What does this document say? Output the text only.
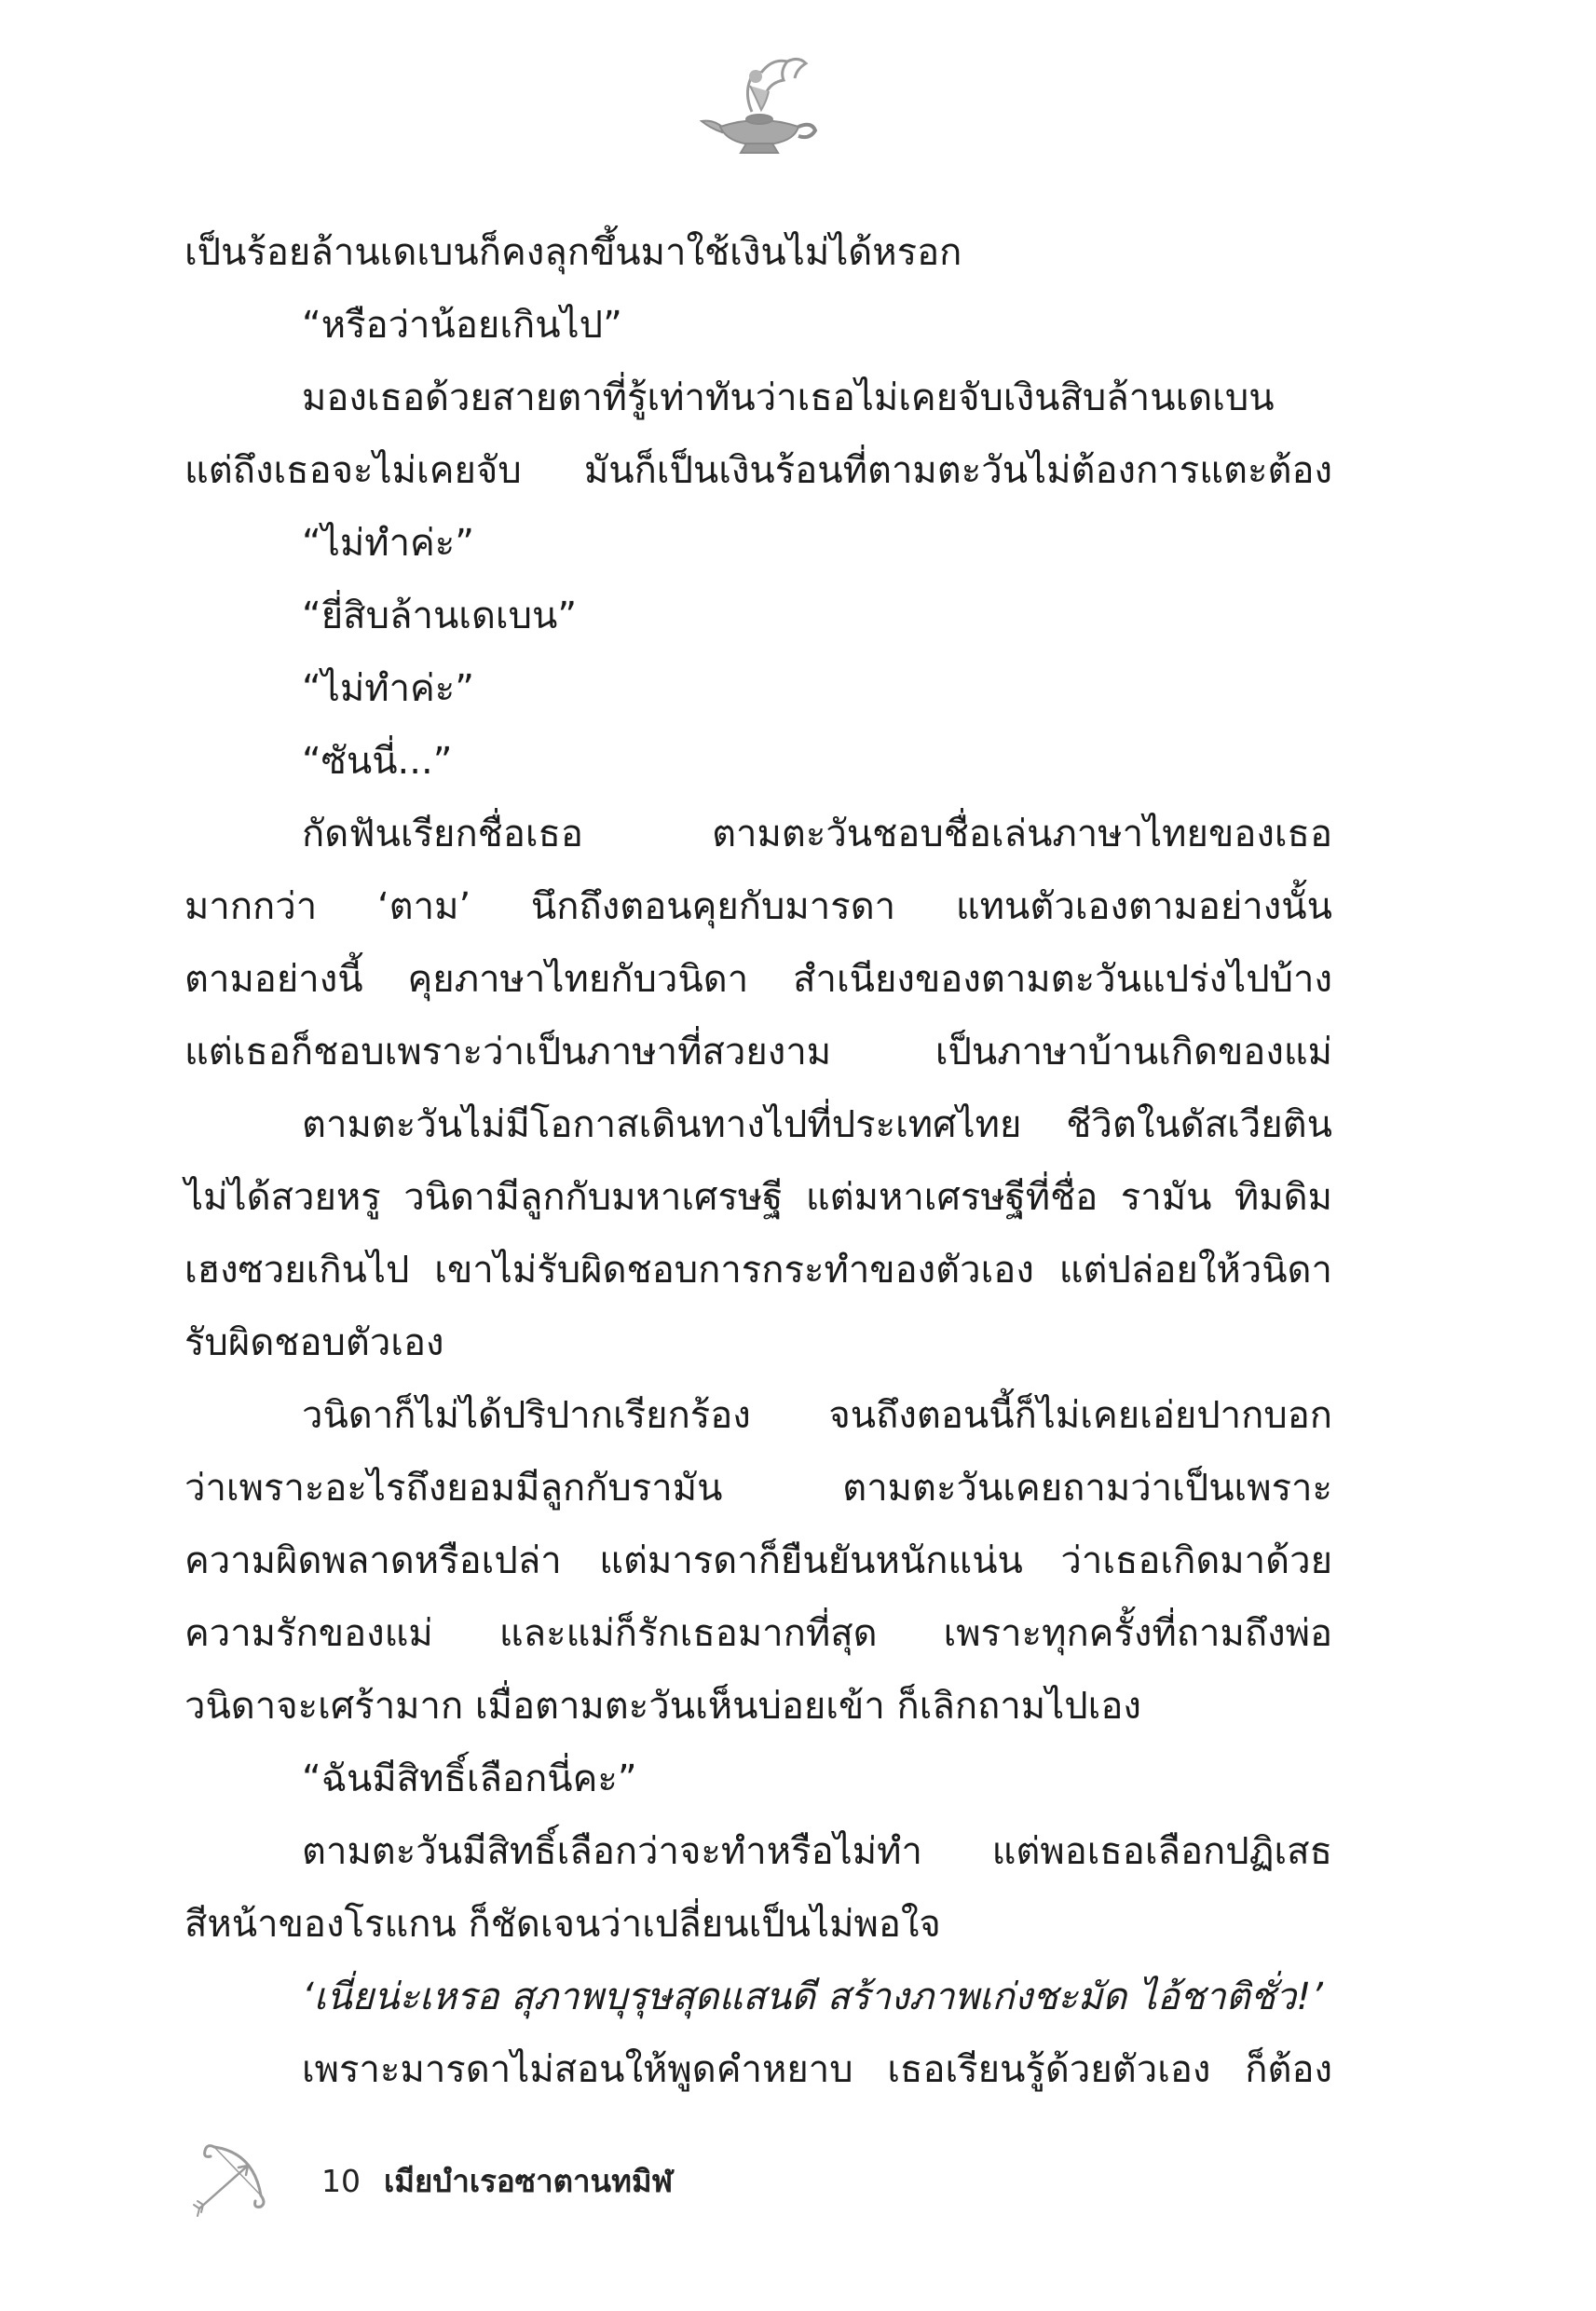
เป็นร้อยล้านเดเบนก็คงลุกขึ้นมาใช้เงินไม่ได้หรอก
“หรือว่าน้อยเกินไป”
มองเธอด้วยสายตาที่รู้เท่าทันว่าเธอไม่เคยจับเงินสิบล้านเดเบน
แต่ถึงเธอจะไม่เคยจับ มันก็เป็นเงินร้อนที่ตามตะวันไม่ต้องการแตะต้อง
“ไม่ทำค่ะ”
“ยี่สิบล้านเดเบน”
“ไม่ทำค่ะ”
“ซันนี่...”
กัดฟันเรียกชื่อเธอ ตามตะวันชอบชื่อเล่นภาษาไทยของเธอ
มากกว่า ‘ตาม’ นึกถึงตอนคุยกับมารดา แทนตัวเองตามอย่างนั้น
ตามอย่างนี้ คุยภาษาไทยกับวนิดา สำเนียงของตามตะวันแปร่งไปบ้าง
แต่เธอก็ชอบเพราะว่าเป็นภาษาที่สวยงาม เป็นภาษาบ้านเกิดของแม่
ตามตะวันไม่มีโอกาสเดินทางไปที่ประเทศไทย ชีวิตในดัสเวียติน
ไม่ได้สวยหรู วนิดามีลูกกับมหาเศรษฐี แต่มหาเศรษฐีที่ชื่อ รามัน ทิมดิม
เฮงซวยเกินไป เขาไม่รับผิดชอบการกระทำของตัวเอง แต่ปล่อยให้วนิดา
รับผิดชอบตัวเอง
วนิดาก็ไม่ได้ปริปากเรียกร้อง จนถึงตอนนี้ก็ไม่เคยเอ่ยปากบอก
ว่าเพราะอะไรถึงยอมมีลูกกับรามัน ตามตะวันเคยถามว่าเป็นเพราะ
ความผิดพลาดหรือเปล่า แต่มารดาก็ยืนยันหนักแน่น ว่าเธอเกิดมาด้วย
ความรักของแม่ และแม่ก็รักเธอมากที่สุด เพราะทุกครั้งที่ถามถึงพ่อ
วนิดาจะเศร้ามาก เมื่อตามตะวันเห็นบ่อยเข้า ก็เลิกถามไปเอง
“ฉันมีสิทธิ์เลือกนี่คะ”
ตามตะวันมีสิทธิ์เลือกว่าจะทำหรือไม่ทำ แต่พอเธอเลือกปฏิเสธ
สีหน้าของโรแกน ก็ชัดเจนว่าเปลี่ยนเป็นไม่พอใจ
‘เนี่ยน่ะเหรอ สุภาพบุรุษสุดแสนดี สร้างภาพเก่งชะมัด ไอ้ชาติชั่ว!’
เพราะมารดาไม่สอนให้พูดคำหยาบ เธอเรียนรู้ด้วยตัวเอง ก็ต้อง
10 เมียบำเรอซาตานทมิฬ
